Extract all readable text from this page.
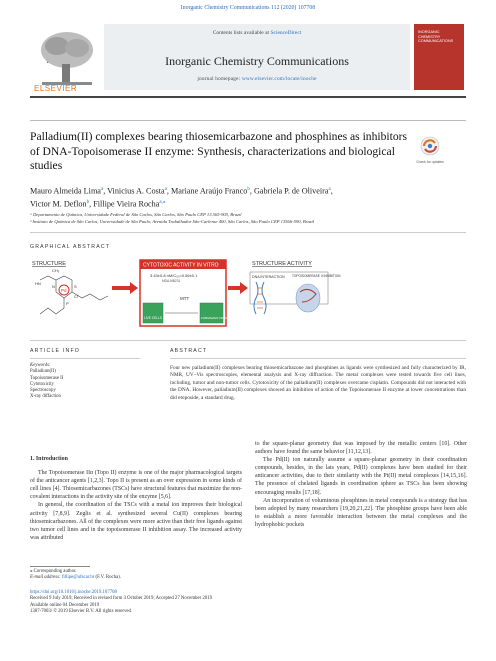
Inorganic Chemistry Communications 112 (2020) 107708
ELSEVIER
Contents lists available at ScienceDirect
Inorganic Chemistry Communications
journal homepage: www.elsevier.com/locate/inoche
INORGANIC CHEMISTRY COMMUNICATIONS
Palladium(II) complexes bearing thiosemicarbazone and phosphines as inhibitors of DNA-Topoisomerase II enzyme: Synthesis, characterizations and biological studies	Check for updates
Mauro Almeida Lima$^a$, Vinicius A. Costa$^a$, Mariane Araújo Franco$^b$, Gabriela P. de Oliveira$^a$,
Victor M. Deflon$^b$, Fillipe Vieira Rocha$^{a,⁎}$
ᵃ Departamento de Química, Universidade Federal de São Carlos, São Carlos, São Paulo CEP 13.565-905, Brazil
ᵇ Instituto de Química de São Carlos, Universidade de São Paulo, Avenida Trabalhador São-Carlense 400, São Carlos, São Paulo CEP 13566-590, Brazil
GRAPHICAL ABSTRACT
STRUCTURE
CH₃
HN
Pd
S
N
P
Cl
CYTOTOXIC ACTIVITY IN VITRO
3.43±0.8 nM/C₅₀=0.56±0.1
MDA-MB231
MTT
LIVE CELLS	FORMAZAN CRYSTALS
STRUCTURE ACTIVITY
DNA INTERACTION TOPOISOMERASE II INHIBITION
ARTICLE INFO
Keywords:
Palladium(II)
Topoisomerase II
Cytotoxicity
Spectroscopy
X-ray diffaction
ABSTRACT
Four new palladium(II) complexes bearing thiosemicarbazone and phosphines as ligands were synthesized and fully characterized by IR, NMR, UV–Vis spectroscopies, elemental analysis and X-ray diffraction. The metal complexes were tested towards five cell lines, including, tumor and non-tumor cells. Cytotoxicity of the palladium(II) complexes overcame cisplatin. Compounds did not interacted with the DNA. However, palladium(II) complexes showed an inhibition of action of the Topoisomerase II enzyme at lower concentrations than did etoposide, a standard drug.
1. Introduction
The Topoisomerase IIα (Topo II) enzyme is one of the major pharmacological targets of the anticancer agents [1,2,3]. Topo II is present as an over expression in some kinds of cell lines [4]. Thiosemicarbazones (TSCs) have structural features that maximize the non-covalent interactions in the activity site of the enzyme [5,6].
In general, the coordination of the TSCs with a metal ion improves their biological activity [7,8,9]. Zeglis et al. synthesized several Cu(II) complexes bearing thiosemicarbazones. All of the complexes were more active than their free ligands against two tumor cell lines and in the topoisomerase II inhibition assay. The increased activity was attributed
to the square-planar geometry that was imposed by the metallic centers [10]. Other authors have found the same behavior [11,12,13].
The Pd(II) ion naturally assume a square-planar geometry in their coordination compounds, besides, in the lats years, Pd(II) complexes have been studied for their anticancer activities, due to their similarity with the Pt(II) metal complexes [14,15,16]. The presence of chelated ligands in coordination sphere as TSCs has been showing encouraging results [17,18].
An incorporation of voluminous phosphines in metal compounds is a strategy that has been adopted by many researchers [19,20,21,22]. The phosphine groups have been able to establish a more favorable interaction between the metal complexes and the hydrophobic pockets
⁎ Corresponding author.
E-mail address: fillipe@ufscar.br (F.V. Rocha).
https://doi.org/10.1016/j.inoche.2019.107708
Received 9 July 2019; Received in revised form 3 October 2019; Accepted 27 November 2019
Available online 04 December 2019
1387-7003/ © 2019 Elsevier B.V. All rights reserved.
